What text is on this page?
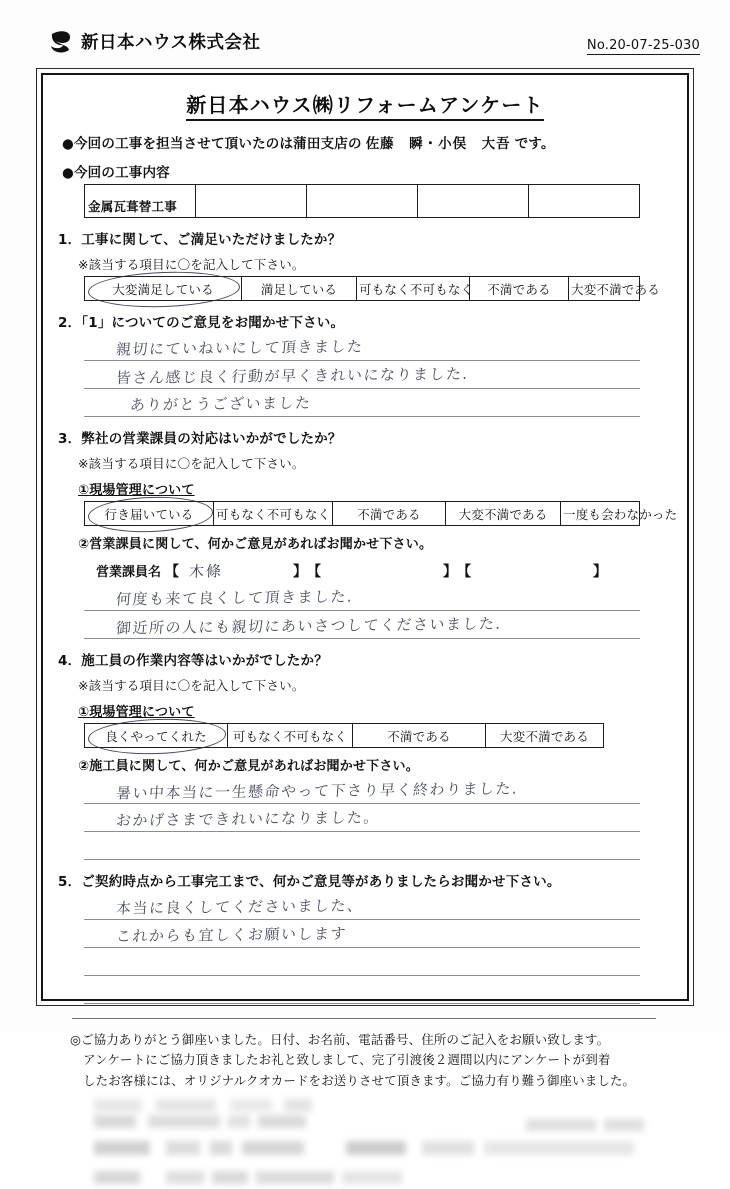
新日本ハウス株式会社	No.20-07-25-030
新日本ハウス㈱リフォームアンケート
●今回の工事を担当させて頂いたのは蒲田支店の 佐藤　瞬・小俣　大吾 です。
●今回の工事内容
金属瓦葺替工事				
1．工事に関して、ご満足いただけましたか？
※該当する項目に〇を記入して下さい。
大変満足している	満足している	可もなく不可もなく	不満である	大変不満である
2．「1」についてのご意見をお聞かせ下さい。
親切にていねいにして頂きました
皆さん感じ良く行動が早くきれいになりました.
ありがとうございました
3．弊社の営業課員の対応はいかがでしたか？
※該当する項目に〇を記入して下さい。
①現場管理について
行き届いている	可もなく不可もなく	不満である	大変不満である	一度も会わなかった
②営業課員に関して、何かご意見があればお聞かせ下さい。
営業課員名 【 木條	】 【	】 【	】
何度も来て良くして頂きました.
御近所の人にも親切にあいさつしてくださいました.
4．施工員の作業内容等はいかがでしたか？
※該当する項目に〇を記入して下さい。
①現場管理について
良くやってくれた	可もなく不可もなく	不満である	大変不満である
②施工員に関して、何かご意見があればお聞かせ下さい。
暑い中本当に一生懸命やって下さり早く終わりました.
おかげさまできれいになりました。
5．ご契約時点から工事完工まで、何かご意見等がありましたらお聞かせ下さい。
本当に良くしてくださいました、
これからも宜しくお願いします
◎ご協力ありがとう御座いました。日付、お名前、電話番号、住所のご記入をお願い致します。
アンケートにご協力頂きましたお礼と致しまして、完了引渡後２週間以内にアンケートが到着
したお客様には、オリジナルクオカードをお送りさせて頂きます。ご協力有り難う御座いました。
